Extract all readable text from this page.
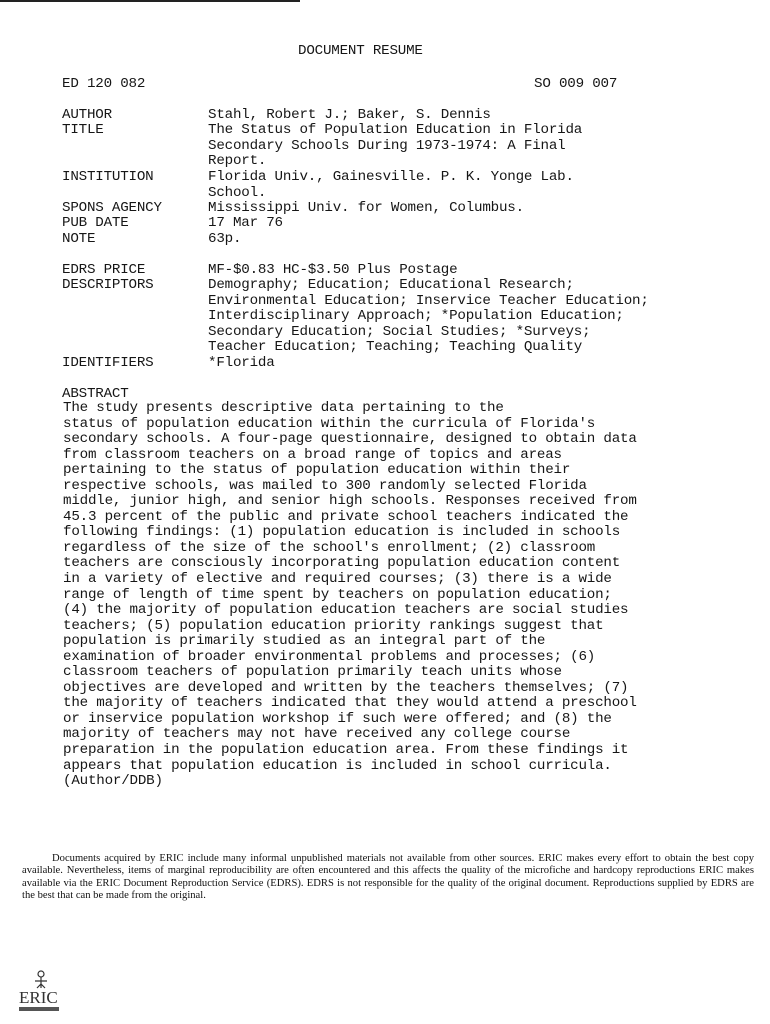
DOCUMENT RESUME
ED 120 082	SO 009 007
AUTHOR	Stahl, Robert J.; Baker, S. Dennis
TITLE	The Status of Population Education in Florida
Secondary Schools During 1973-1974: A Final
Report.
INSTITUTION	Florida Univ., Gainesville. P. K. Yonge Lab.
School.
SPONS AGENCY	Mississippi Univ. for Women, Columbus.
PUB DATE	17 Mar 76
NOTE	63p.
EDRS PRICE	MF-$0.83 HC-$3.50 Plus Postage
DESCRIPTORS	Demography; Education; Educational Research;
Environmental Education; Inservice Teacher Education;
Interdisciplinary Approach; *Population Education;
Secondary Education; Social Studies; *Surveys;
Teacher Education; Teaching; Teaching Quality
IDENTIFIERS	*Florida
ABSTRACT
The study presents descriptive data pertaining to the
status of population education within the curricula of Florida's
secondary schools. A four-page questionnaire, designed to obtain data
from classroom teachers on a broad range of topics and areas
pertaining to the status of population education within their
respective schools, was mailed to 300 randomly selected Florida
middle, junior high, and senior high schools. Responses received from
45.3 percent of the public and private school teachers indicated the
following findings: (1) population education is included in schools
regardless of the size of the school's enrollment; (2) classroom
teachers are consciously incorporating population education content
in a variety of elective and required courses; (3) there is a wide
range of length of time spent by teachers on population education;
(4) the majority of population education teachers are social studies
teachers; (5) population education priority rankings suggest that
population is primarily studied as an integral part of the
examination of broader environmental problems and processes; (6)
classroom teachers of population primarily teach units whose
objectives are developed and written by the teachers themselves; (7)
the majority of teachers indicated that they would attend a preschool
or inservice population workshop if such were offered; and (8) the
majority of teachers may not have received any college course
preparation in the population education area. From these findings it
appears that population education is included in school curricula.
(Author/DDB)
Documents acquired by ERIC include many informal unpublished materials not available from other sources. ERIC makes every effort to obtain the best copy available. Nevertheless, items of marginal reproducibility are often encountered and this affects the quality of the microfiche and hardcopy reproductions ERIC makes available via the ERIC Document Reproduction Service (EDRS). EDRS is not responsible for the quality of the original document. Reproductions supplied by EDRS are the best that can be made from the original.
ERIC
